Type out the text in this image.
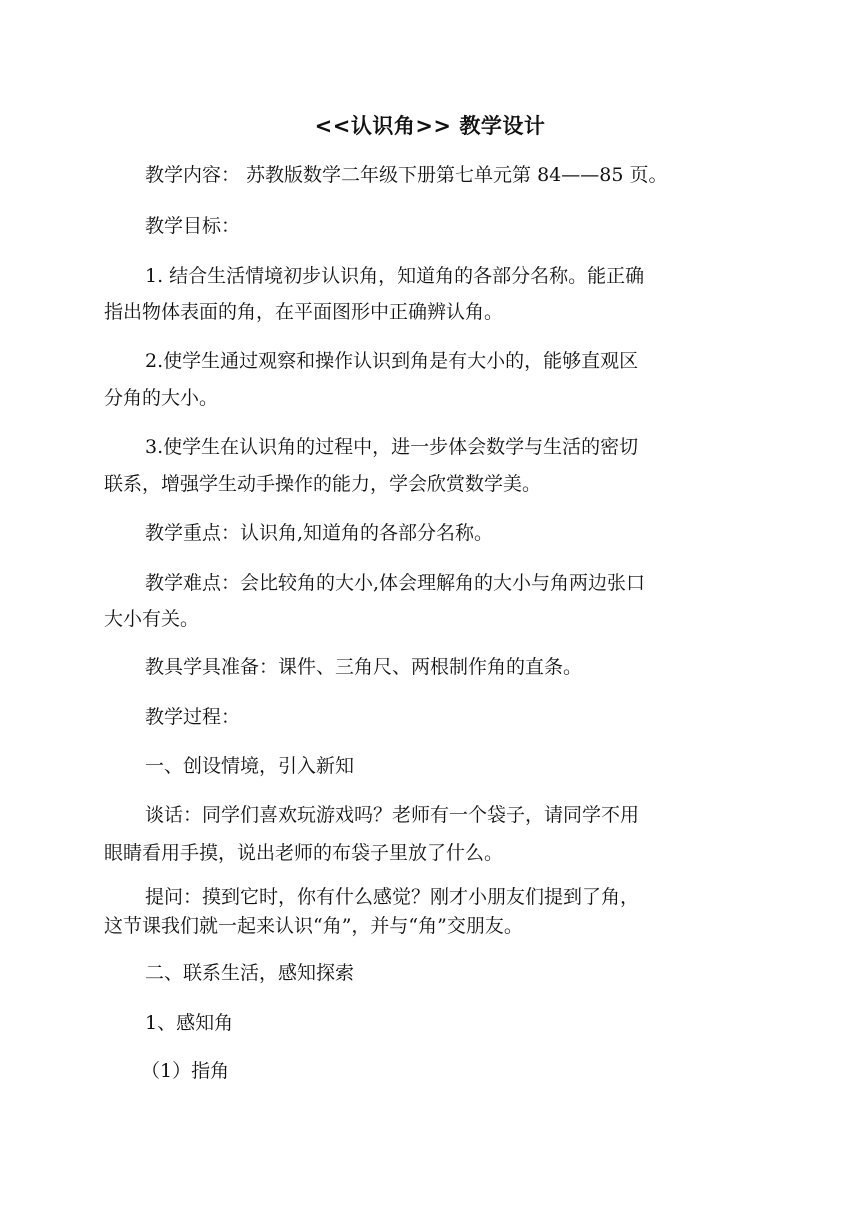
<<认识角>> 教学设计
教学内容： 苏教版数学二年级下册第七单元第 84——85 页。
教学目标：
1. 结合生活情境初步认识角，知道角的各部分名称。能正确
指出物体表面的角，在平面图形中正确辨认角。
2.使学生通过观察和操作认识到角是有大小的，能够直观区
分角的大小。
3.使学生在认识角的过程中，进一步体会数学与生活的密切
联系，增强学生动手操作的能力，学会欣赏数学美。
教学重点：认识角,知道角的各部分名称。
教学难点：会比较角的大小,体会理解角的大小与角两边张口
大小有关。
教具学具准备：课件、三角尺、两根制作角的直条。
教学过程：
一、创设情境，引入新知
谈话：同学们喜欢玩游戏吗？老师有一个袋子，请同学不用
眼睛看用手摸，说出老师的布袋子里放了什么。
提问：摸到它时，你有什么感觉？刚才小朋友们提到了角，
这节课我们就一起来认识“角”，并与“角”交朋友。
二、联系生活，感知探索
1、感知角
（1）指角
